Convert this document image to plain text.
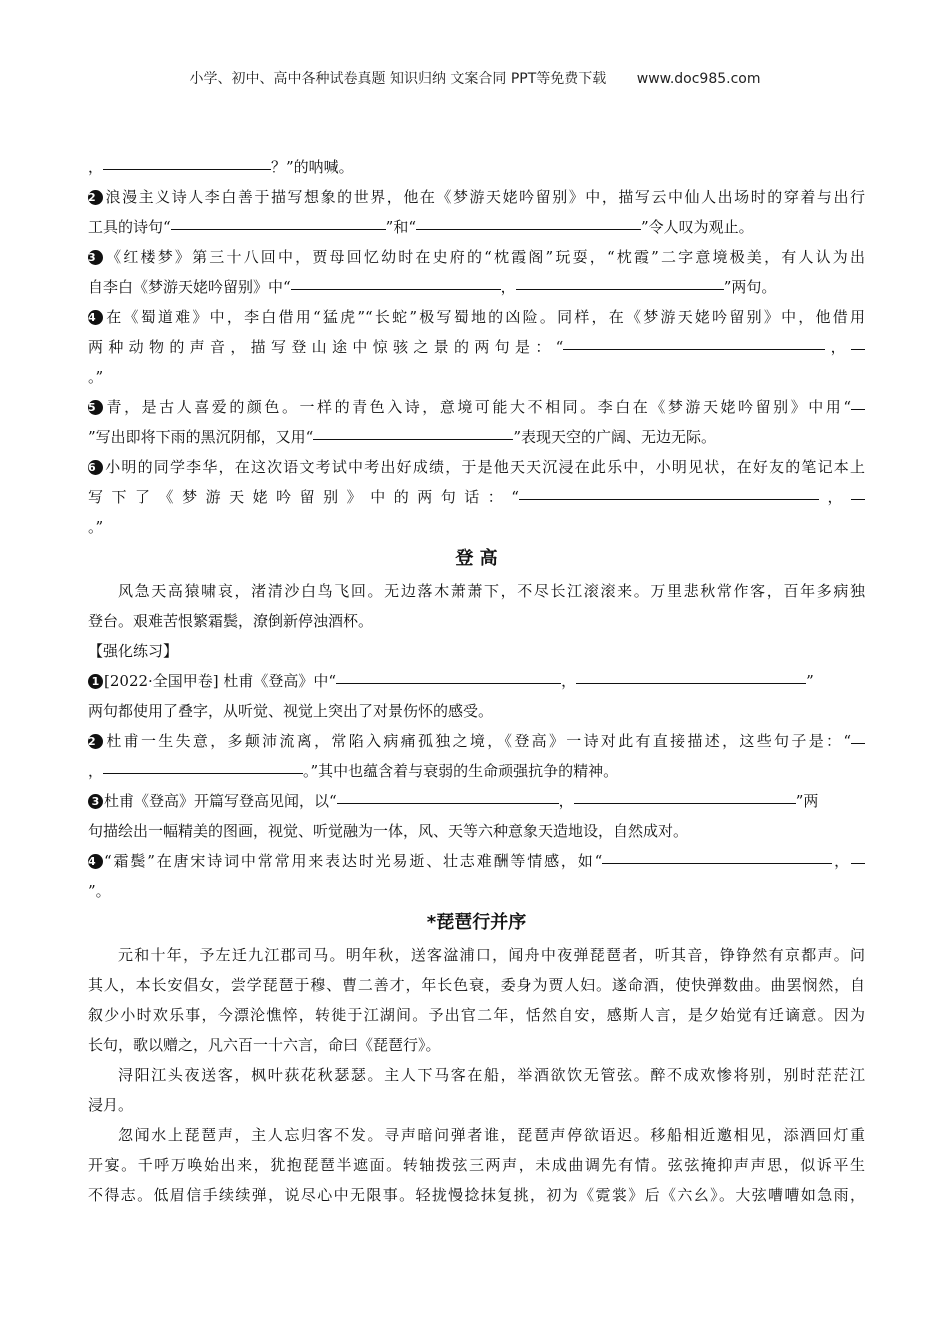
小学、初中、高中各种试卷真题 知识归纳 文案合同 PPT等免费下载 www.doc985.com
，	？”的呐喊。
2 浪漫主义诗人李白善于描写想象的世界，他在《梦游天姥吟留别》中，描写云中仙人出场时的穿着与出行
工具的诗句“	”和“	”令人叹为观止。
3 《红楼梦》第三十八回中，贾母回忆幼时在史府的“枕霞阁”玩耍，“枕霞”二字意境极美，有人认为出
自李白《梦游天姥吟留别》中“	，	”两句。
4 在《蜀道难》中，李白借用“猛虎”“长蛇”极写蜀地的凶险。同样，在《梦游天姥吟留别》中，他借用
两种动物的声音，描写登山途中惊骇之景的两句是：“	，
。”
5 青，是古人喜爱的颜色。一样的青色入诗，意境可能大不相同。李白在《梦游天姥吟留别》中用“
”写出即将下雨的黑沉阴郁，又用“	”表现天空的广阔、无边无际。
6 小明的同学李华，在这次语文考试中考出好成绩，于是他天天沉浸在此乐中，小明见状，在好友的笔记本上
写下了《梦游天姥吟留别》中的两句话：“	，
。”
登 高
风急天高猿啸哀，渚清沙白鸟飞回。无边落木萧萧下，不尽长江滚滚来。万里悲秋常作客，百年多病独
登台。艰难苦恨繁霜鬓，潦倒新停浊酒杯。
【强化练习】
1 [2022·全国甲卷] 杜甫《登高》中“	，	”
两句都使用了叠字，从听觉、视觉上突出了对景伤怀的感受。
2 杜甫一生失意，多颠沛流离，常陷入病痛孤独之境，《登高》一诗对此有直接描述，这些句子是：“
，	。”其中也蕴含着与衰弱的生命顽强抗争的精神。
3 杜甫《登高》开篇写登高见闻，以“	，	”两
句描绘出一幅精美的图画，视觉、听觉融为一体，风、天等六种意象天造地设，自然成对。
4 “霜鬓”在唐宋诗词中常常用来表达时光易逝、壮志难酬等情感，如“	，
”。
*琵琶行并序
元和十年，予左迁九江郡司马。明年秋，送客湓浦口，闻舟中夜弹琵琶者，听其音，铮铮然有京都声。问
其人，本长安倡女，尝学琵琶于穆、曹二善才，年长色衰，委身为贾人妇。遂命酒，使快弹数曲。曲罢悯然，自
叙少小时欢乐事，今漂沦憔悴，转徙于江湖间。予出官二年，恬然自安，感斯人言，是夕始觉有迁谪意。因为
长句，歌以赠之，凡六百一十六言，命曰《琵琶行》。
浔阳江头夜送客，枫叶荻花秋瑟瑟。主人下马客在船，举酒欲饮无管弦。醉不成欢惨将别，别时茫茫江
浸月。
忽闻水上琵琶声，主人忘归客不发。寻声暗问弹者谁，琵琶声停欲语迟。移船相近邀相见，添酒回灯重
开宴。千呼万唤始出来，犹抱琵琶半遮面。转轴拨弦三两声，未成曲调先有情。弦弦掩抑声声思，似诉平生
不得志。低眉信手续续弹，说尽心中无限事。轻拢慢捻抹复挑，初为《霓裳》后《六幺》。大弦嘈嘈如急雨，
